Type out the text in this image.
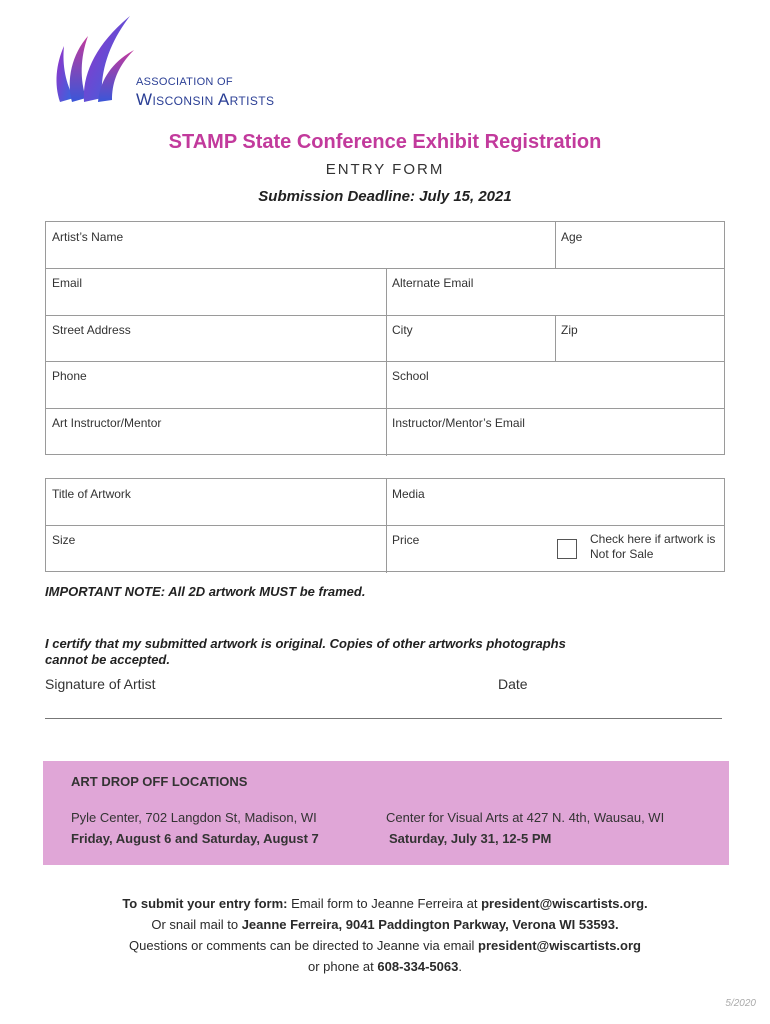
ASSOCIATION OF
Wisconsin Artists
STAMP State Conference Exhibit Registration
ENTRY FORM
Submission Deadline: July 15, 2021
Artist’s Name	Age
Email	Alternate Email
Street Address	City	Zip
Phone	School
Art Instructor/Mentor	Instructor/Mentor’s Email
Title of Artwork	Media
Size	Price	Check here if artwork is Not for Sale
IMPORTANT NOTE: All 2D artwork MUST be framed.
I certify that my submitted artwork is original. Copies of other artworks photographs
cannot be accepted.
Signature of Artist	Date
ART DROP OFF LOCATIONS
Pyle Center, 702 Langdon St, Madison, WI
Friday, August 6 and Saturday, August 7
Center for Visual Arts at 427 N. 4th, Wausau, WI
Saturday, July 31, 12-5 PM
To submit your entry form: Email form to Jeanne Ferreira at president@wiscartists.org.
Or snail mail to Jeanne Ferreira, 9041 Paddington Parkway, Verona WI 53593.
Questions or comments can be directed to Jeanne via email president@wiscartists.org
or phone at 608-334-5063.
5/2020
